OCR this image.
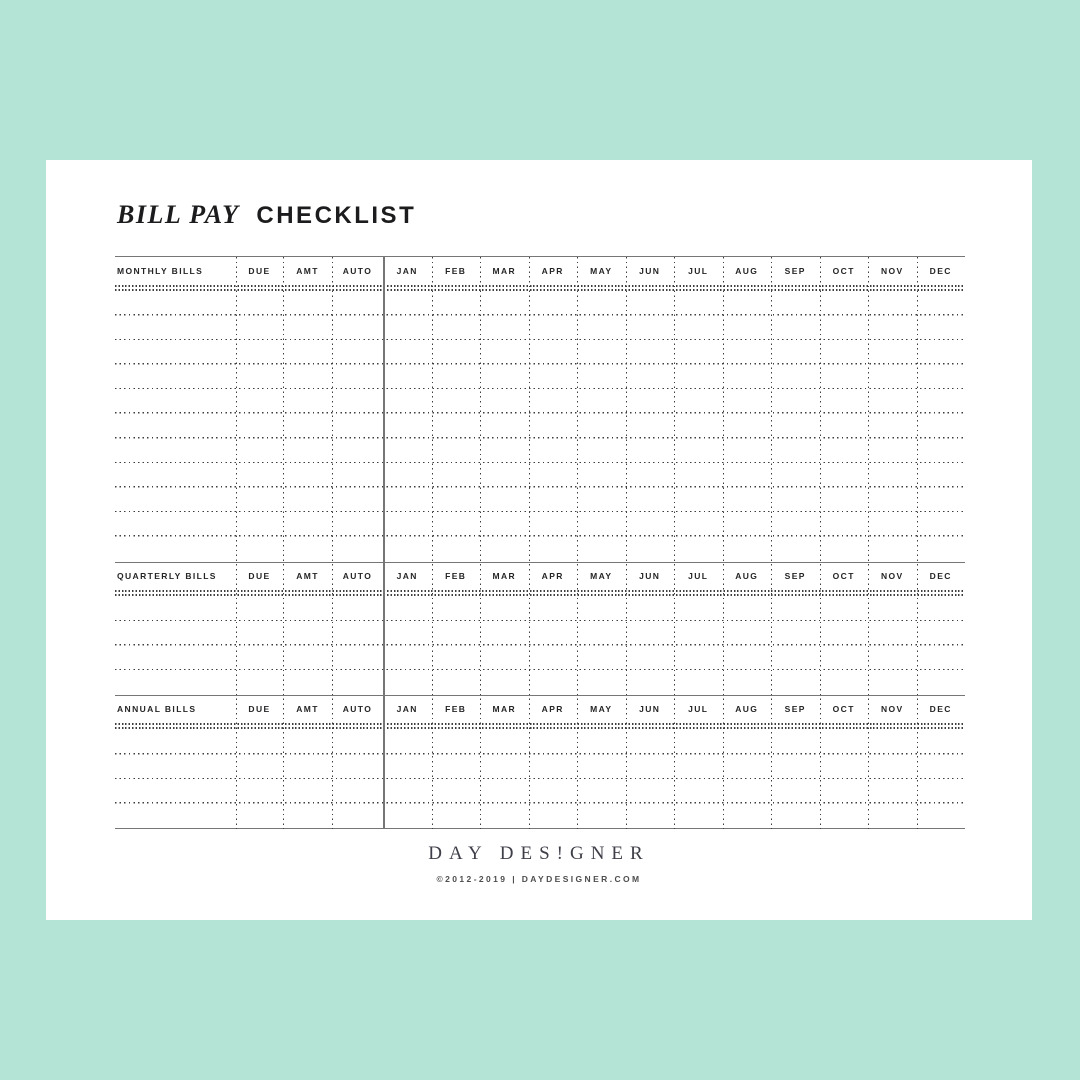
BILL PAY CHECKLIST
MONTHLY BILLS	DUE	AMT	AUTO	JAN	FEB	MAR	APR	MAY	JUN	JUL	AUG	SEP	OCT	NOV	DEC
QUARTERLY BILLS	DUE	AMT	AUTO	JAN	FEB	MAR	APR	MAY	JUN	JUL	AUG	SEP	OCT	NOV	DEC
ANNUAL BILLS	DUE	AMT	AUTO	JAN	FEB	MAR	APR	MAY	JUN	JUL	AUG	SEP	OCT	NOV	DEC
DAY DES!GNER
©2012-2019 | DAYDESIGNER.COM
